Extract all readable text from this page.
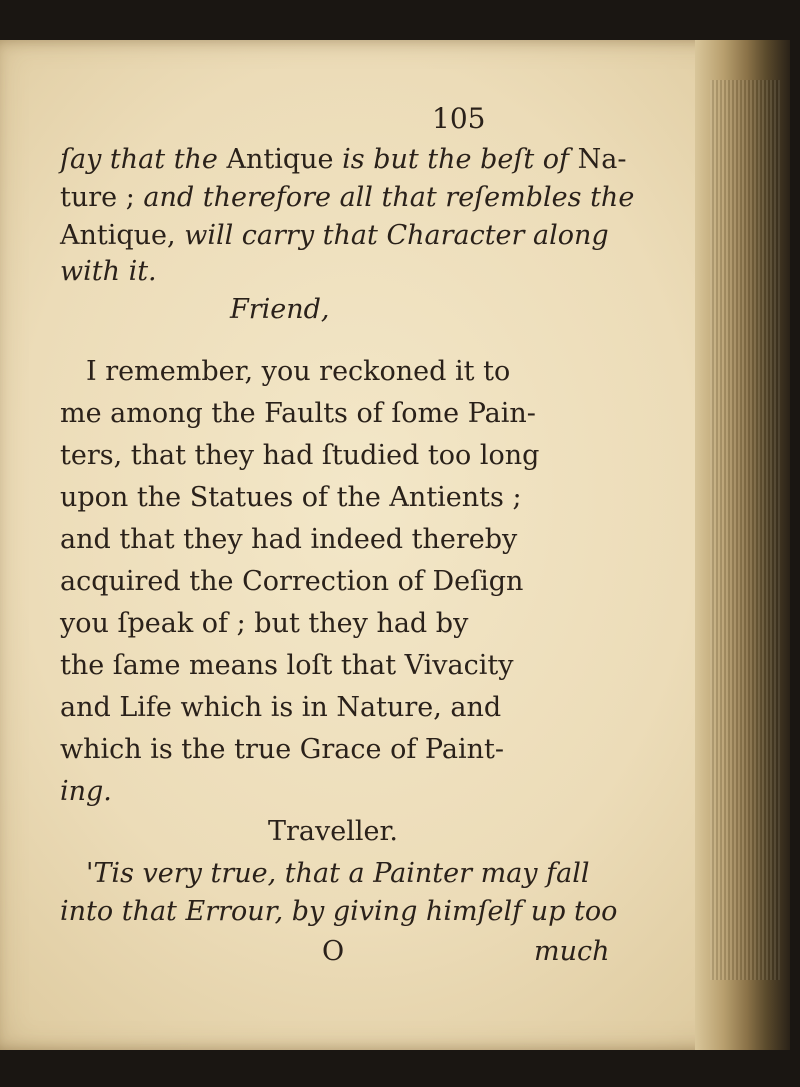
105
ſay that the Antique is but the beſt of Na-
ture ; and therefore all that reſembles the
Antique, will carry that Character along
with it.
Friend,
I remember, you reckoned it to
me among the Faults of ſome Pain-
ters, that they had ſtudied too long
upon the Statues of the Antients ;
and that they had indeed thereby
acquired the Correction of Deſign
you ſpeak of ; but they had by
the ſame means loſt that Vivacity
and Life which is in Nature, and
which is the true Grace of Paint-
ing.
Traveller.
'Tis very true, that a Painter may fall
into that Errour, by giving himſelf up too
O	much
